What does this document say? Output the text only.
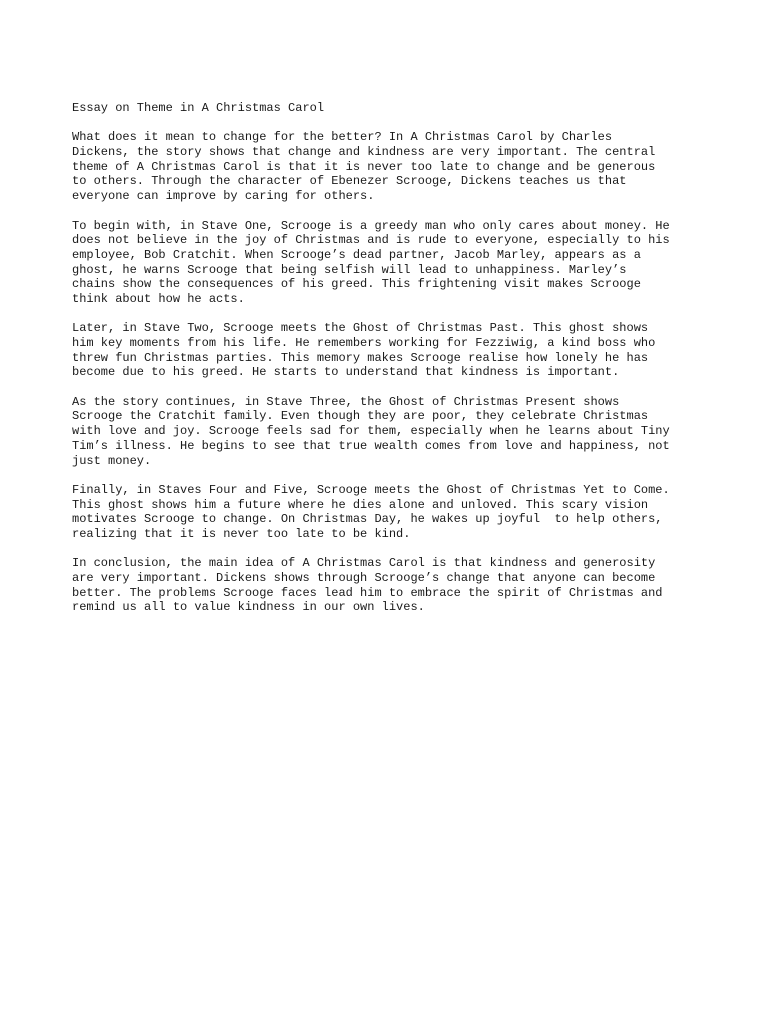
Essay on Theme in A Christmas Carol
What does it mean to change for the better? In A Christmas Carol by Charles
Dickens, the story shows that change and kindness are very important. The central
theme of A Christmas Carol is that it is never too late to change and be generous
to others. Through the character of Ebenezer Scrooge, Dickens teaches us that
everyone can improve by caring for others.
To begin with, in Stave One, Scrooge is a greedy man who only cares about money. He
does not believe in the joy of Christmas and is rude to everyone, especially to his
employee, Bob Cratchit. When Scrooge’s dead partner, Jacob Marley, appears as a
ghost, he warns Scrooge that being selfish will lead to unhappiness. Marley’s
chains show the consequences of his greed. This frightening visit makes Scrooge
think about how he acts.
Later, in Stave Two, Scrooge meets the Ghost of Christmas Past. This ghost shows
him key moments from his life. He remembers working for Fezziwig, a kind boss who
threw fun Christmas parties. This memory makes Scrooge realise how lonely he has
become due to his greed. He starts to understand that kindness is important.
As the story continues, in Stave Three, the Ghost of Christmas Present shows
Scrooge the Cratchit family. Even though they are poor, they celebrate Christmas
with love and joy. Scrooge feels sad for them, especially when he learns about Tiny
Tim’s illness. He begins to see that true wealth comes from love and happiness, not
just money.
Finally, in Staves Four and Five, Scrooge meets the Ghost of Christmas Yet to Come.
This ghost shows him a future where he dies alone and unloved. This scary vision
motivates Scrooge to change. On Christmas Day, he wakes up joyful  to help others,
realizing that it is never too late to be kind.
In conclusion, the main idea of A Christmas Carol is that kindness and generosity
are very important. Dickens shows through Scrooge’s change that anyone can become
better. The problems Scrooge faces lead him to embrace the spirit of Christmas and
remind us all to value kindness in our own lives.
